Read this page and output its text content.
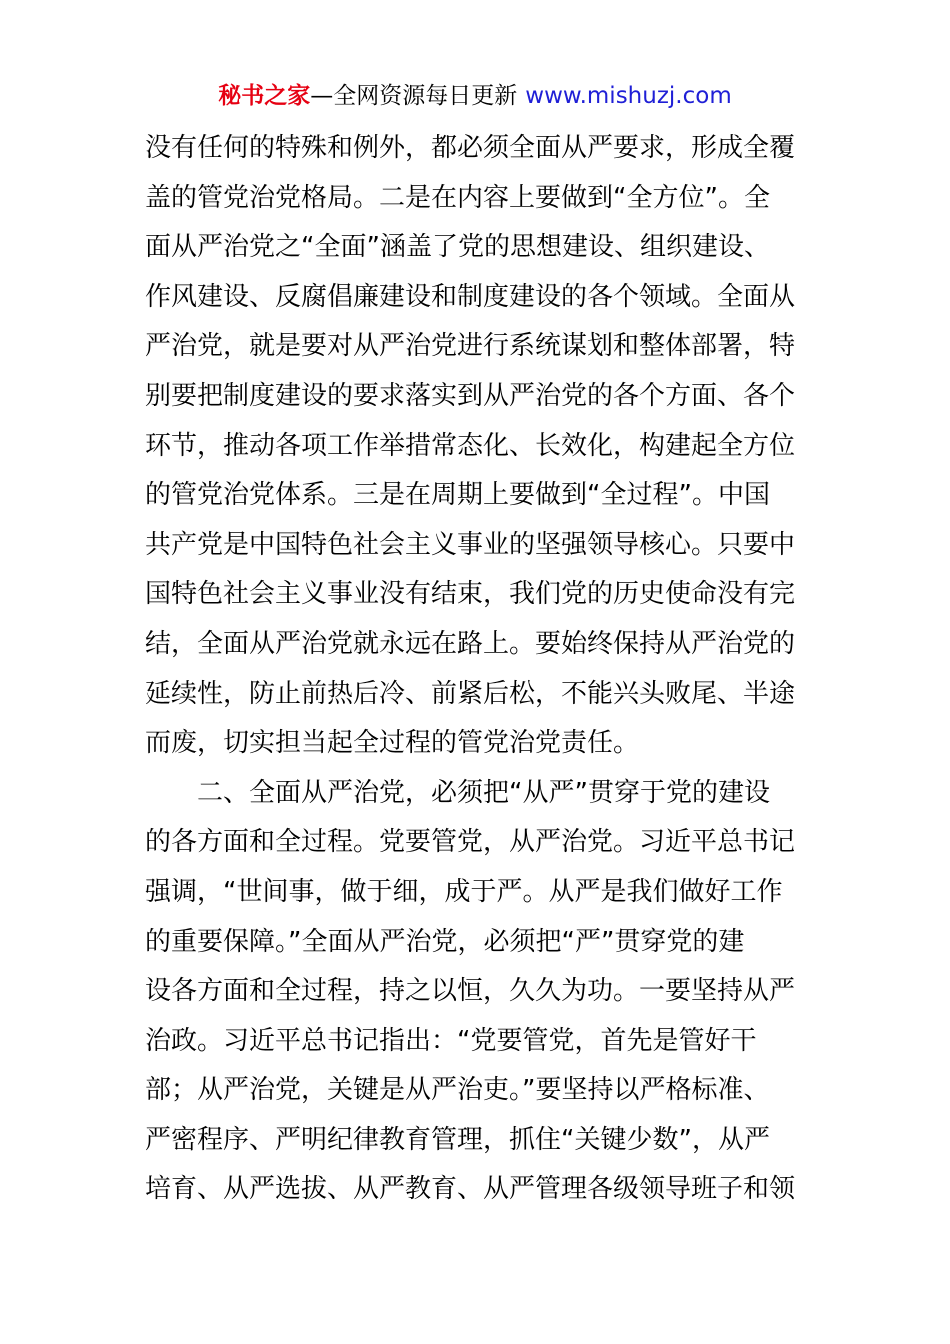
秘书之家—全网资源每日更新 www.mishuzj.com
没有任何的特殊和例外，都必须全面从严要求，形成全覆
盖的管党治党格局。二是在内容上要做到“全方位”。全
面从严治党之“全面”涵盖了党的思想建设、组织建设、
作风建设、反腐倡廉建设和制度建设的各个领域。全面从
严治党，就是要对从严治党进行系统谋划和整体部署，特
别要把制度建设的要求落实到从严治党的各个方面、各个
环节，推动各项工作举措常态化、长效化，构建起全方位
的管党治党体系。三是在周期上要做到“全过程”。中国
共产党是中国特色社会主义事业的坚强领导核心。只要中
国特色社会主义事业没有结束，我们党的历史使命没有完
结，全面从严治党就永远在路上。要始终保持从严治党的
延续性，防止前热后冷、前紧后松，不能兴头败尾、半途
而废，切实担当起全过程的管党治党责任。
二、全面从严治党，必须把“从严”贯穿于党的建设
的各方面和全过程。党要管党，从严治党。习近平总书记
强调，“世间事，做于细，成于严。从严是我们做好工作
的重要保障。”全面从严治党，必须把“严”贯穿党的建
设各方面和全过程，持之以恒，久久为功。一要坚持从严
治政。习近平总书记指出：“党要管党，首先是管好干
部；从严治党，关键是从严治吏。”要坚持以严格标准、
严密程序、严明纪律教育管理，抓住“关键少数”，从严
培育、从严选拔、从严教育、从严管理各级领导班子和领
